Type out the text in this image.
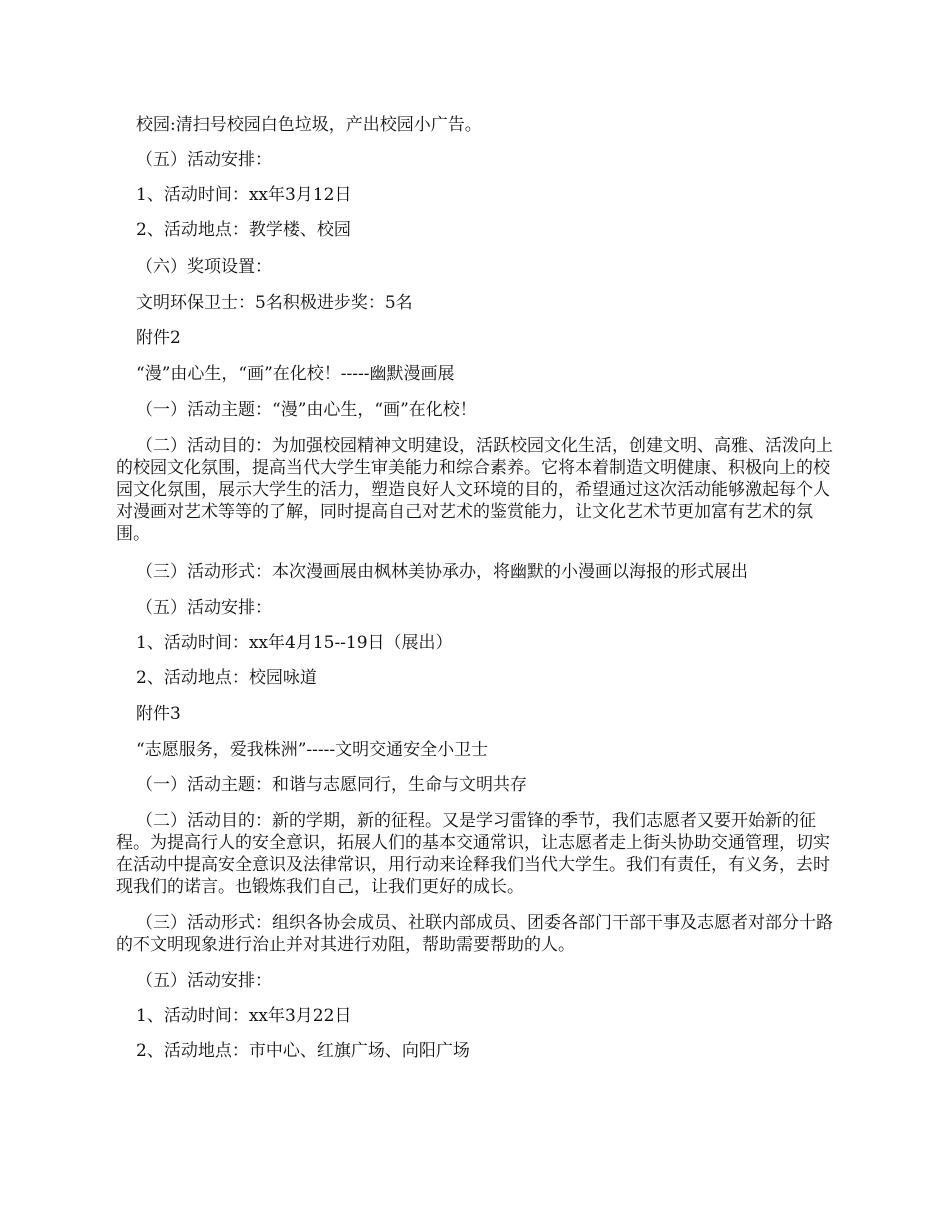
校园:清扫号校园白色垃圾，产出校园小广告。
（五）活动安排：
1、活动时间：xx年3月12日
2、活动地点：教学楼、校园
（六）奖项设置：
文明环保卫士：5名积极进步奖：5名
附件2
“漫”由心生，“画”在化校！-----幽默漫画展
（一）活动主题：“漫”由心生，“画”在化校！
（二）活动目的：为加强校园精神文明建设，活跃校园文化生活，创建文明、高雅、活泼向上的校园文化氛围，提高当代大学生审美能力和综合素养。它将本着制造文明健康、积极向上的校园文化氛围，展示大学生的活力，塑造良好人文环境的目的，希望通过这次活动能够激起每个人对漫画对艺术等等的了解，同时提高自己对艺术的鉴赏能力，让文化艺术节更加富有艺术的氛围。
（三）活动形式：本次漫画展由枫林美协承办，将幽默的小漫画以海报的形式展出
（五）活动安排：
1、活动时间：xx年4月15--19日（展出）
2、活动地点：校园咏道
附件3
“志愿服务，爱我株洲”-----文明交通安全小卫士
（一）活动主题：和谐与志愿同行，生命与文明共存
（二）活动目的：新的学期，新的征程。又是学习雷锋的季节，我们志愿者又要开始新的征程。为提高行人的安全意识，拓展人们的基本交通常识，让志愿者走上街头协助交通管理，切实在活动中提高安全意识及法律常识，用行动来诠释我们当代大学生。我们有责任，有义务，去时现我们的诺言。也锻炼我们自己，让我们更好的成长。
（三）活动形式：组织各协会成员、社联内部成员、团委各部门干部干事及志愿者对部分十路的不文明现象进行治止并对其进行劝阻，帮助需要帮助的人。
（五）活动安排：
1、活动时间：xx年3月22日
2、活动地点：市中心、红旗广场、向阳广场
